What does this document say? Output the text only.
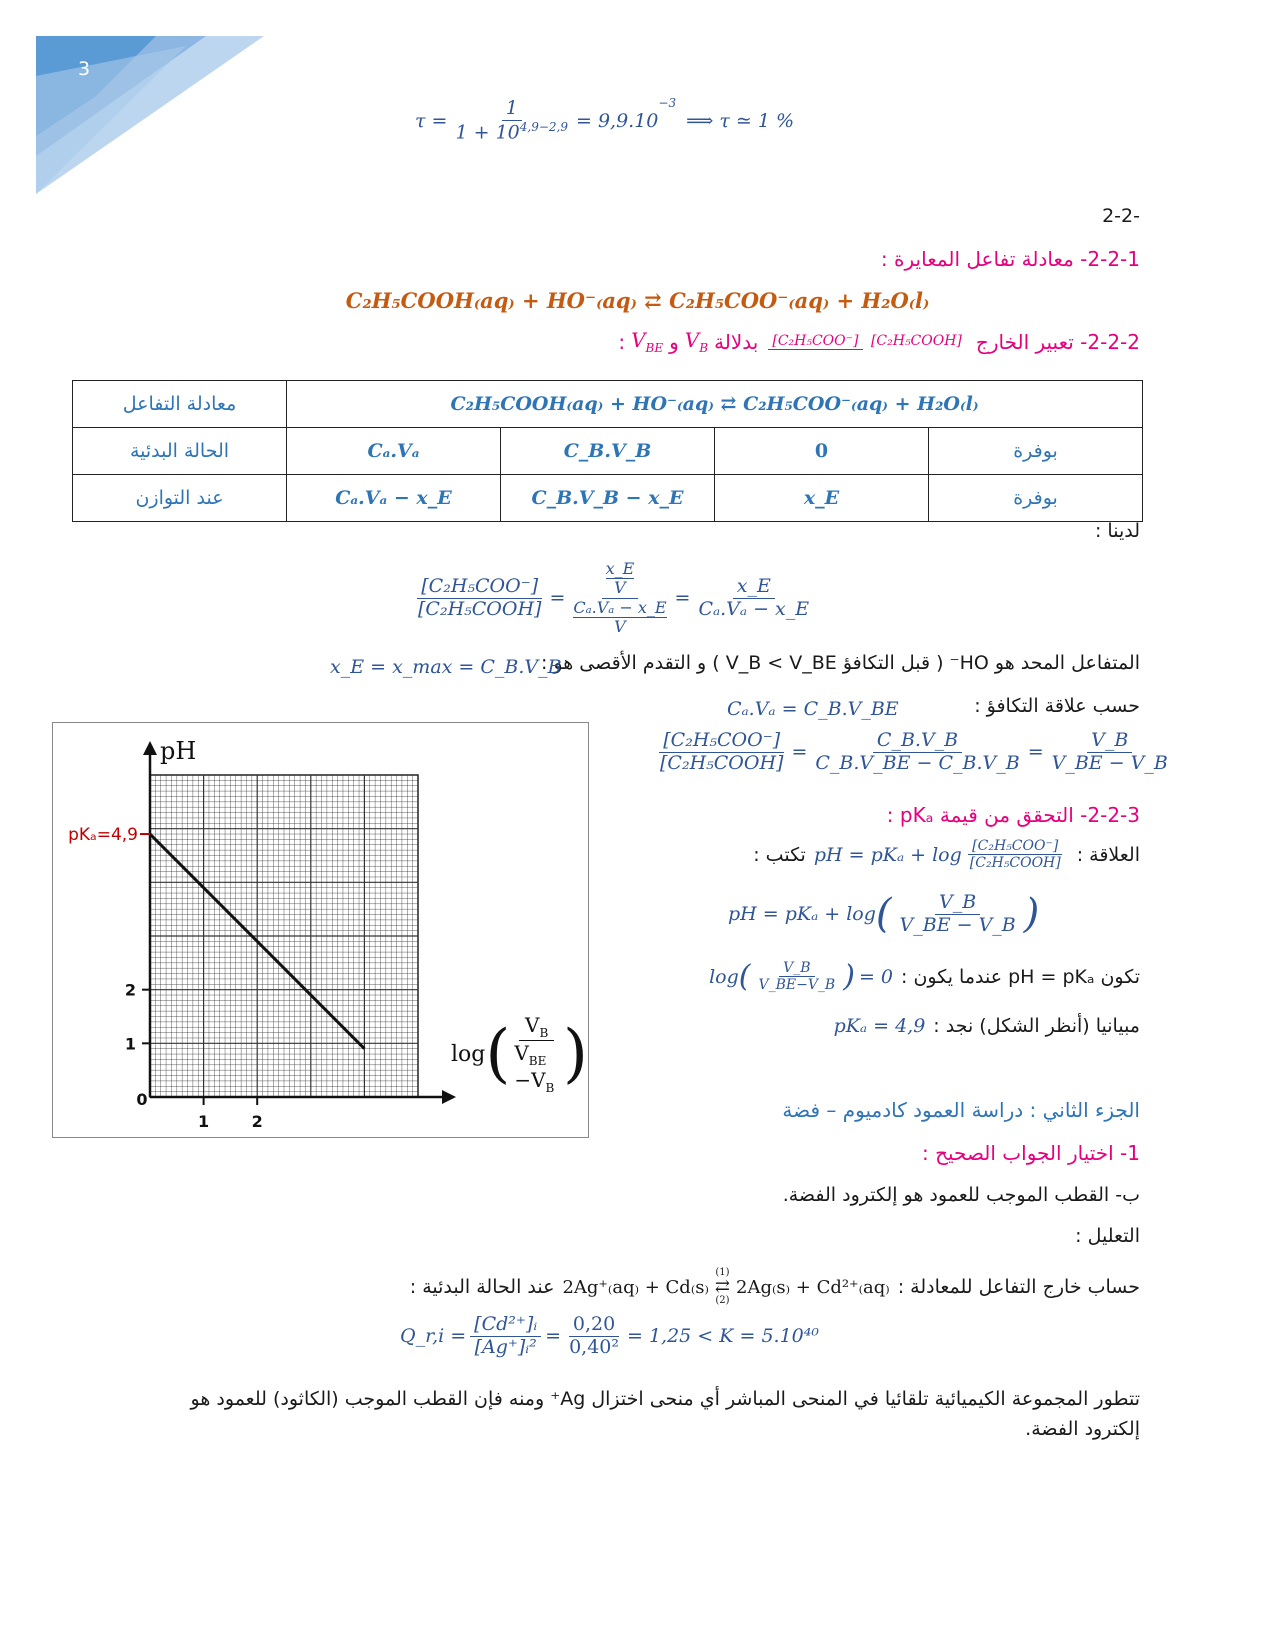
3
$\tau = \frac{1}{1 + 10^{4,9-2,9}} = 9,9.10$
−3
⟹ τ ≃ 1 %
-2-2
2-2-1- معادلة تفاعل المعايرة :
C₂H₅COOH₍aq₎ + HO⁻₍aq₎ ⇄ C₂H₅COO⁻₍aq₎ + H₂O₍l₎
2-2-2- تعبير الخارج
[C₂H₅COO⁻] [C₂H₅COOH]
بدلالة
$V_B$
و
$V_{BE}$
:
معادلة التفاعل	C₂H₅COOH₍aq₎ + HO⁻₍aq₎ ⇄ C₂H₅COO⁻₍aq₎ + H₂O₍l₎			
الحالة البدئية	Cₐ.Vₐ	C_B.V_B	0	بوفرة
عند التوازن	Cₐ.Vₐ − x_E	C_B.V_B − x_E	x_E	بوفرة
لدينا :
$\frac{\text{[C₂H₅COO⁻]}}{\text{[C₂H₅COOH]}}$ = x_E
V
Cₐ.Vₐ − x_E
$V = \frac{x\_E}{\text{Cₐ.Vₐ − x\_E}}$
المتفاعل المحد هو HO⁻ ( قبل التكافؤ V_B < V_BE ) و التقدم الأقصى هو :
x_E = x_max = C_B.V_B
حسب علاقة التكافؤ :
Cₐ.Vₐ = C_B.V_BE
$\frac{\text{[C₂H₅COO⁻]}}{\text{[C₂H₅COOH]}} = \frac{C\_B.V\_B}{C\_B.V\_BE - C\_B.V\_B} = \frac{V\_B}{V\_BE - V\_B}$
2-2-3- التحقق من قيمة pKₐ :
العلاقة :
pH = $pK_a + \log \frac{\text{[C₂H₅COO⁻]}}{\text{[C₂H₅COOH]}}$
تكتب :
pH = pKₐ + log ( $\frac{V\_B}{V\_BE - V\_B}$ )
تكون pH = pKₐ عندما يكون :
log ( $\frac{V\_B}{V\_BE-V\_B}$ ) = 0
مبيانيا (أنظر الشكل) نجد :
pKₐ = 4,9
pH
0
1	2
1
2
pKₐ=4,9
log ( $V_B$
$V_{BE} -V_B$ )
الجزء الثاني : دراسة العمود كادميوم – فضة
1- اختيار الجواب الصحيح :
ب- القطب الموجب للعمود هو إلكترود الفضة.
التعليل :
حساب خارج التفاعل للمعادلة :
2Ag⁺₍aq₎ + Cd₍s₎
(1)
⇄
(2)
2Ag₍s₎ + Cd²⁺₍aq₎
عند الحالة البدئية :
Q_r,i = $\frac{\text{[Cd²⁺]ᵢ}}{\text{[Ag⁺]ᵢ²}} = \frac{0,20}{\text{0,40²}} = 1,25 < K = 5.10^{40}$
تتطور المجموعة الكيميائية تلقائيا في المنحى المباشر أي منحى اختزال Ag⁺ ومنه فإن القطب الموجب (الكاثود) للعمود هو
إلكترود الفضة.
